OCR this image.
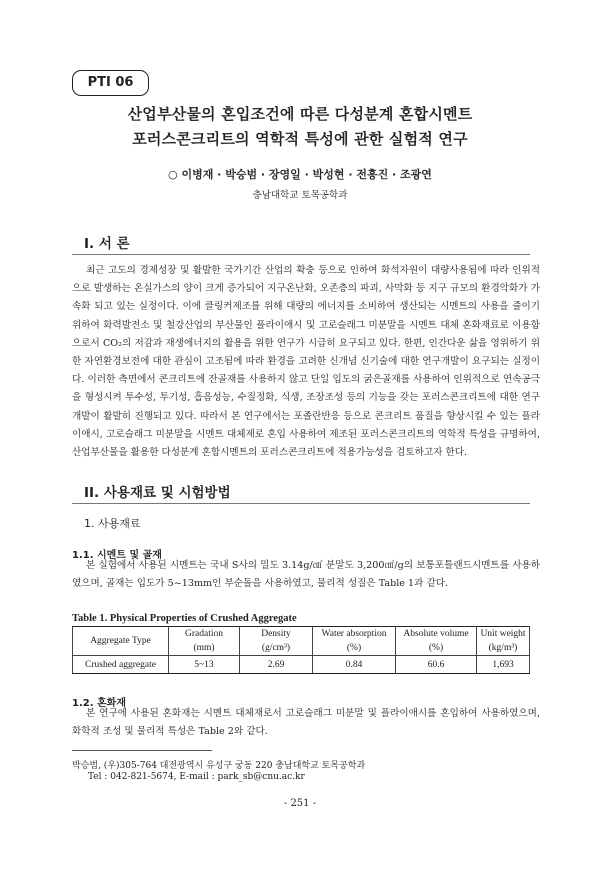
PTI 06
산업부산물의 혼입조건에 따른 다성분계 혼합시멘트
포러스콘크리트의 역학적 특성에 관한 실험적 연구
○ 이병재 · 박승범 · 장영일 · 박성현 · 전흥진 · 조광연
충남대학교 토목공학과
I. 서 론

최근 고도의 경제성장 및 활발한 국가기간 산업의 확충 등으로 인하여 화석자원이 대량사용됨에 따라 인위적으로 발생하는 온실가스의 양이 크게 증가되어 지구온난화, 오존층의 파괴, 사막화 등 지구 규모의 환경악화가 가속화 되고 있는 실정이다. 이에 클링커제조를 위해 대량의 에너지를 소비하여 생산되는 시멘트의 사용을 줄이기 위하여 화력발전소 및 철강산업의 부산물인 플라이애시 및 고로슬래그 미분말을 시멘트 대체 혼화재료로 이용함으로서 CO₂의 저감과 재생에너지의 활용을 위한 연구가 시급히 요구되고 있다. 한편, 인간다운 삶을 영위하기 위한 자연환경보전에 대한 관심이 고조됨에 따라 환경을 고려한 신개념 신기술에 대한 연구개발이 요구되는 실정이다. 이러한 측면에서 콘크리트에 잔골재를 사용하지 않고 단일 입도의 굵은골재를 사용하여 인위적으로 연속공극을 형성시켜 투수성, 투기성, 흡음성능, 수질정화, 식생, 조장조성 등의 기능을 갖는 포러스콘크리트에 대한 연구개발이 활발히 진행되고 있다. 따라서 본 연구에서는 포졸란반응 등으로 콘크리트 품질을 향상시킬 수 있는 플라이애시, 고로슬래그 미분말을 시멘트 대체제로 혼입 사용하여 제조된 포러스콘크리트의 역학적 특성을 규명하여, 산업부산물을 활용한 다성분계 혼합시멘트의 포러스콘크리트에 적용가능성을 검토하고자 한다.

II. 사용재료 및 시험방법
1. 사용재료
1.1. 시멘트 및 골재

본 실험에서 사용된 시멘트는 국내 S사의 밀도 3.14g/㎤ 분말도 3,200㎠/g의 보통포틀랜드시멘트를 사용하였으며, 골재는 입도가 5~13mm인 부순돌을 사용하였고, 물리적 성질은 Table 1과 같다.

Table 1. Physical Properties of Crushed Aggregate
Aggregate Type	Gradation	Density	Water absorption	Absolute volume	Unit weight
	(mm)	(g/cm³)	(%)	(%)	(kg/m³)
Crushed aggregate	5~13	2.69	0.84	60.6	1,693
1.2. 혼화재

본 연구에 사용된 혼화재는 시멘트 대체재로서 고로슬래그 미분말 및 플라이애시를 혼입하여 사용하였으며, 화학적 조성 및 물리적 특성은 Table 2와 같다.

박승범, (우)305-764 대전광역시 유성구 궁동 220 충남대학교 토목공학과
Tel : 042-821-5674, E-mail : park_sb@cnu.ac.kr
- 251 -
